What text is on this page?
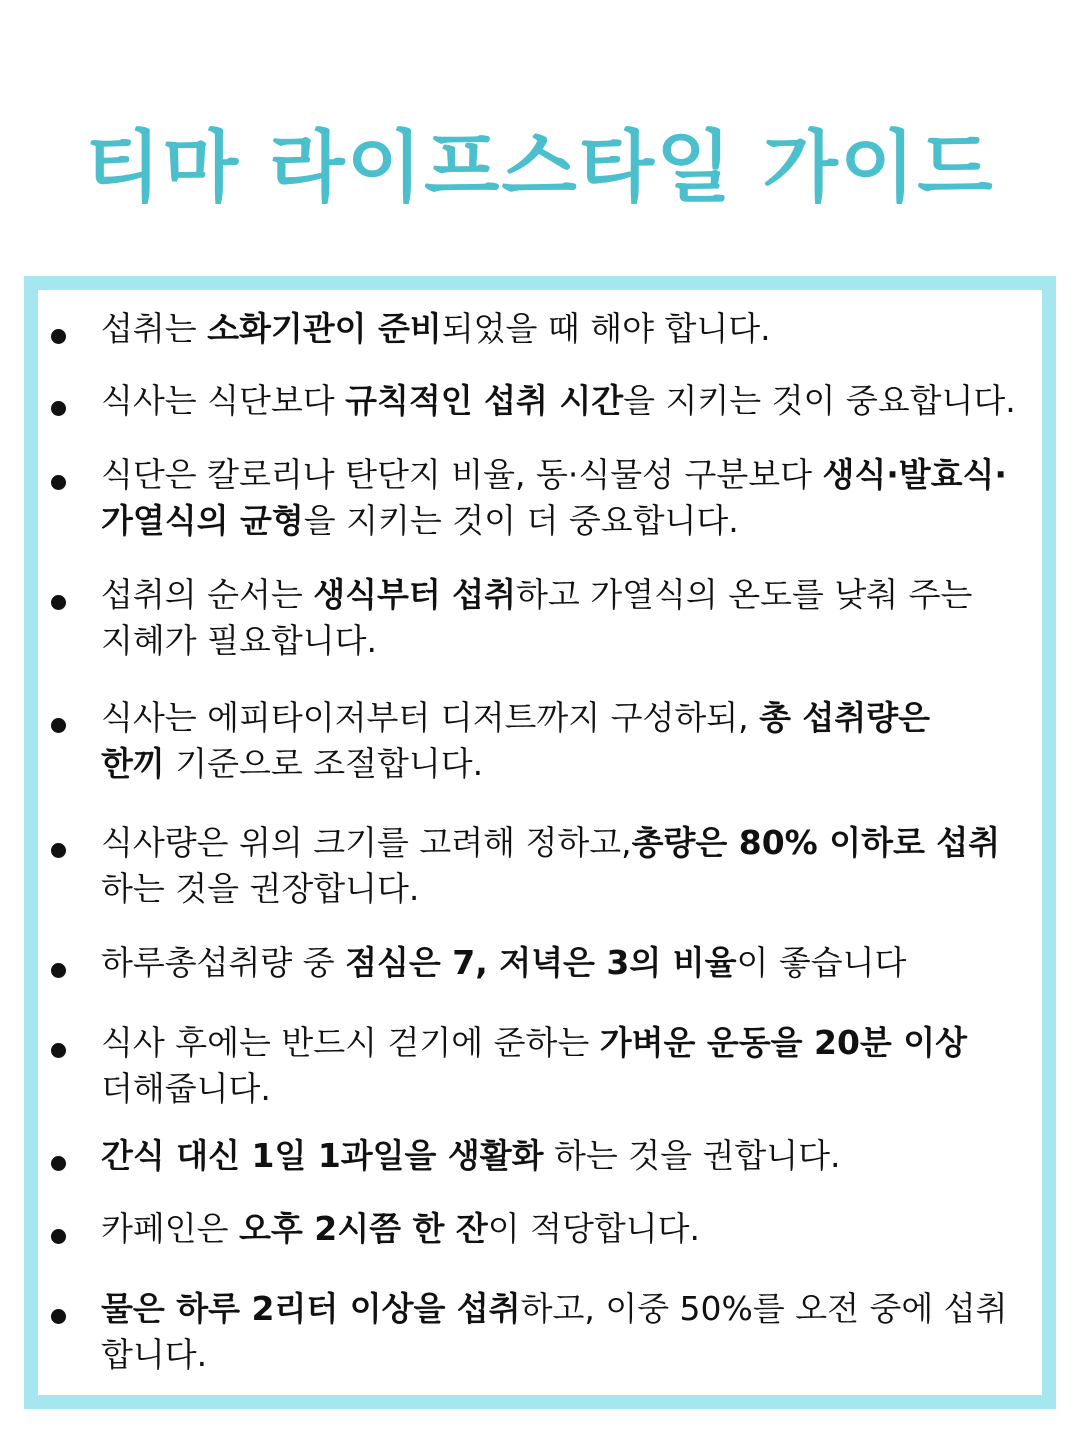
티마 라이프스타일 가이드
섭취는 소화기관이 준비되었을 때 해야 합니다.
식사는 식단보다 규칙적인 섭취 시간을 지키는 것이 중요합니다.
식단은 칼로리나 탄단지 비율, 동·식물성 구분보다 생식·발효식·
가열식의 균형을 지키는 것이 더 중요합니다.
섭취의 순서는 생식부터 섭취하고 가열식의 온도를 낮춰 주는
지혜가 필요합니다.
식사는 에피타이저부터 디저트까지 구성하되, 총 섭취량은
한끼 기준으로 조절합니다.
식사량은 위의 크기를 고려해 정하고,총량은 80% 이하로 섭취
하는 것을 권장합니다.
하루총섭취량 중 점심은 7, 저녁은 3의 비율이 좋습니다
식사 후에는 반드시 걷기에 준하는 가벼운 운동을 20분 이상
더해줍니다.
간식 대신 1일 1과일을 생활화 하는 것을 권합니다.
카페인은 오후 2시쯤 한 잔이 적당합니다.
물은 하루 2리터 이상을 섭취하고, 이중 50%를 오전 중에 섭취
합니다.
